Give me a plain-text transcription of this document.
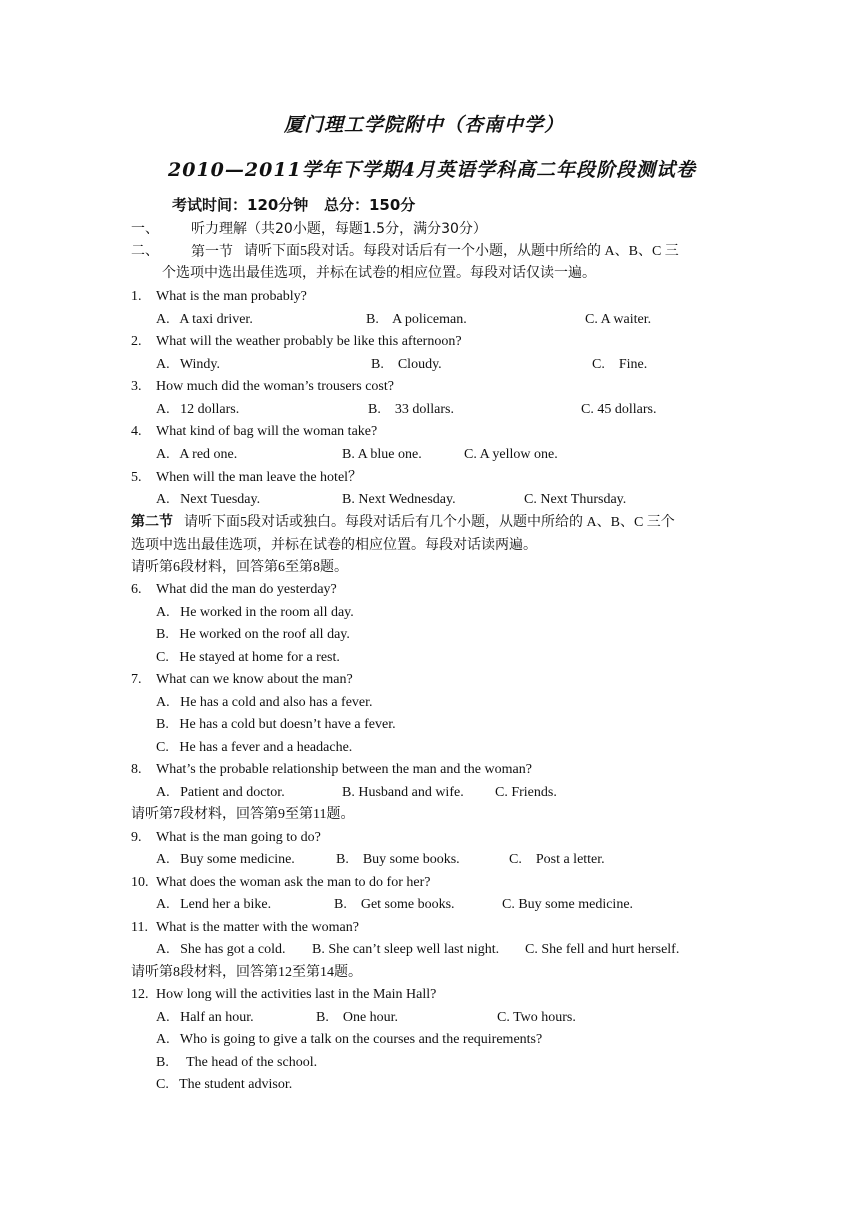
厦门理工学院附中（杏南中学）
2010—2011学年下学期4月英语学科高二年段阶段测试卷
考试时间：120分钟   总分：150分
一、 听力理解（共20小题，每题1.5分，满分30分）
二、 第一节 请听下面5段对话。每段对话后有一个小题，从题中所给的 A、B、C 三
个选项中选出最佳选项，并标在试卷的相应位置。每段对话仅读一遍。
1. What is the man probably?
A.   A taxi driver.	B.    A policeman.	C. A waiter.
2. What will the weather probably be like this afternoon?
A.   Windy.	B.    Cloudy.	C.    Fine.
3. How much did the woman’s trousers cost?
A.   12 dollars.	B.    33 dollars.	C. 45 dollars.
4. What kind of bag will the woman take?
A.   A red one.	B. A blue one.	C. A yellow one.
5. When will the man leave the hotel？
A.   Next Tuesday.	B. Next Wednesday.	C. Next Thursday.
第二节 请听下面5段对话或独白。每段对话后有几个小题，从题中所给的 A、B、C 三个
选项中选出最佳选项，并标在试卷的相应位置。每段对话读两遍。
请听第6段材料，回答第6至第8题。
6. What did the man do yesterday?
A.   He worked in the room all day.
B.   He worked on the roof all day.
C.   He stayed at home for a rest.
7. What can we know about the man?
A.   He has a cold and also has a fever.
B.   He has a cold but doesn’t have a fever.
C.   He has a fever and a headache.
8. What’s the probable relationship between the man and the woman?
A.   Patient and doctor.	B. Husband and wife. C. Friends.
请听第7段材料，回答第9至第11题。
9. What is the man going to do?
A.   Buy some medicine.	B.    Buy some books.	C.    Post a letter.
10. What does the woman ask the man to do for her?
A.   Lend her a bike.	B.    Get some books.	C. Buy some medicine.
11. What is the matter with the woman?
A.   She has got a cold. B. She can’t sleep well last night. C. She fell and hurt herself.
请听第8段材料，回答第12至第14题。
12. How long will the activities last in the Main Hall?
A.   Half an hour.	B.    One hour.	C. Two hours.
A.   Who is going to give a talk on the courses and the requirements?
B.     The head of the school.
C.   The student advisor.
